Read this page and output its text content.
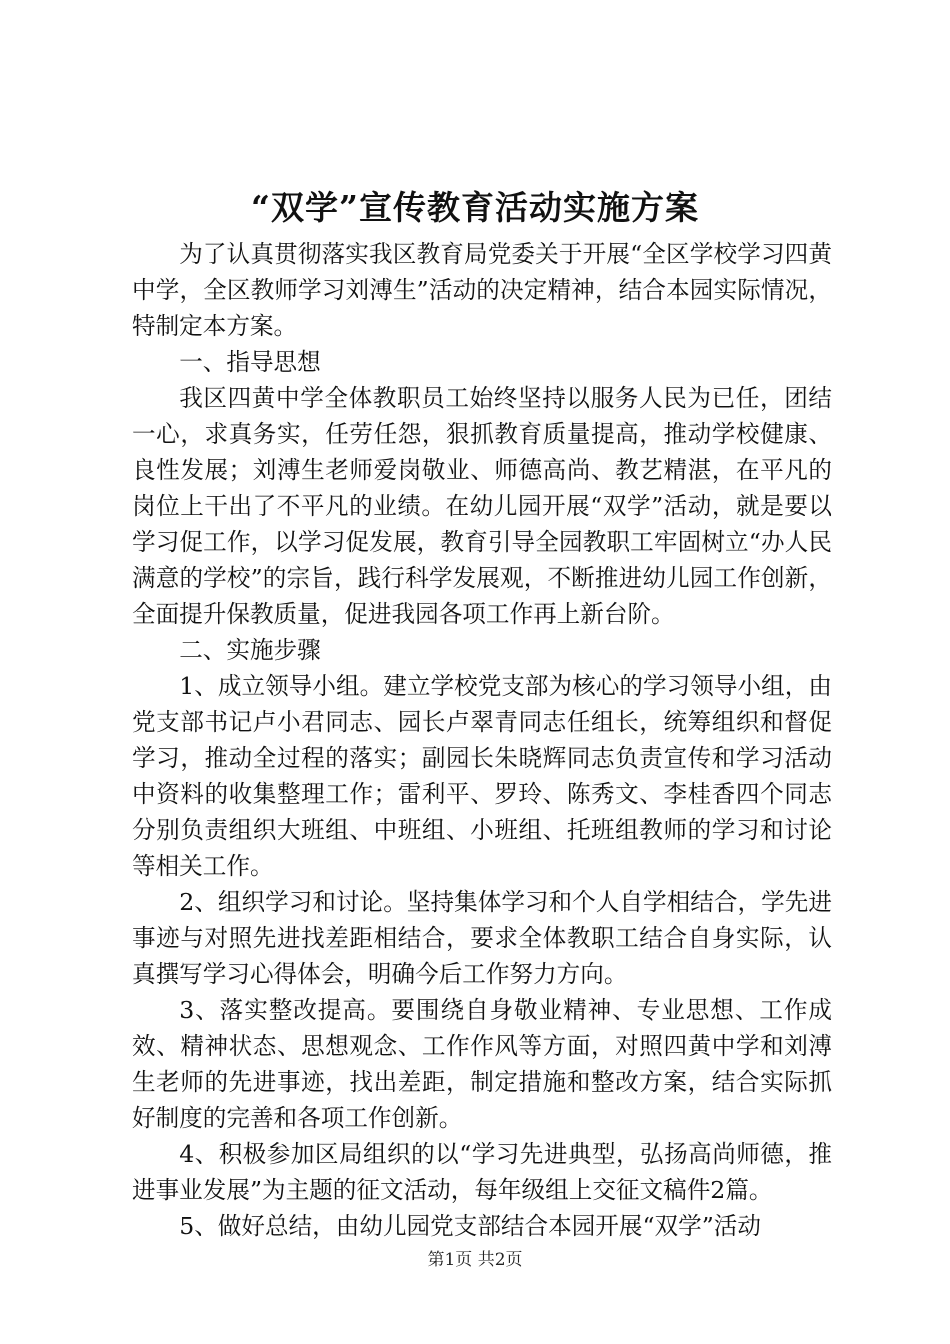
“双学”宣传教育活动实施方案

为了认真贯彻落实我区教育局党委关于开展“全区学校学习四黄中学，全区教师学习刘溥生”活动的决定精神，结合本园实际情况，特制定本方案。

一、指导思想

我区四黄中学全体教职员工始终坚持以服务人民为已任，团结一心，求真务实，任劳任怨，狠抓教育质量提高，推动学校健康、良性发展；刘溥生老师爱岗敬业、师德高尚、教艺精湛，在平凡的岗位上干出了不平凡的业绩。在幼儿园开展“双学”活动，就是要以学习促工作，以学习促发展，教育引导全园教职工牢固树立“办人民满意的学校”的宗旨，践行科学发展观，不断推进幼儿园工作创新，全面提升保教质量，促进我园各项工作再上新台阶。

二、实施步骤

1、成立领导小组。建立学校党支部为核心的学习领导小组，由党支部书记卢小君同志、园长卢翠青同志任组长，统筹组织和督促学习，推动全过程的落实；副园长朱晓辉同志负责宣传和学习活动中资料的收集整理工作；雷利平、罗玲、陈秀文、李桂香四个同志分别负责组织大班组、中班组、小班组、托班组教师的学习和讨论等相关工作。

2、组织学习和讨论。坚持集体学习和个人自学相结合，学先进事迹与对照先进找差距相结合，要求全体教职工结合自身实际，认真撰写学习心得体会，明确今后工作努力方向。

3、落实整改提高。要围绕自身敬业精神、专业思想、工作成效、精神状态、思想观念、工作作风等方面，对照四黄中学和刘溥生老师的先进事迹，找出差距，制定措施和整改方案，结合实际抓好制度的完善和各项工作创新。

4、积极参加区局组织的以“学习先进典型，弘扬高尚师德，推进事业发展”为主题的征文活动，每年级组上交征文稿件2篇。

5、做好总结，由幼儿园党支部结合本园开展“双学”活动

第1页 共2页
